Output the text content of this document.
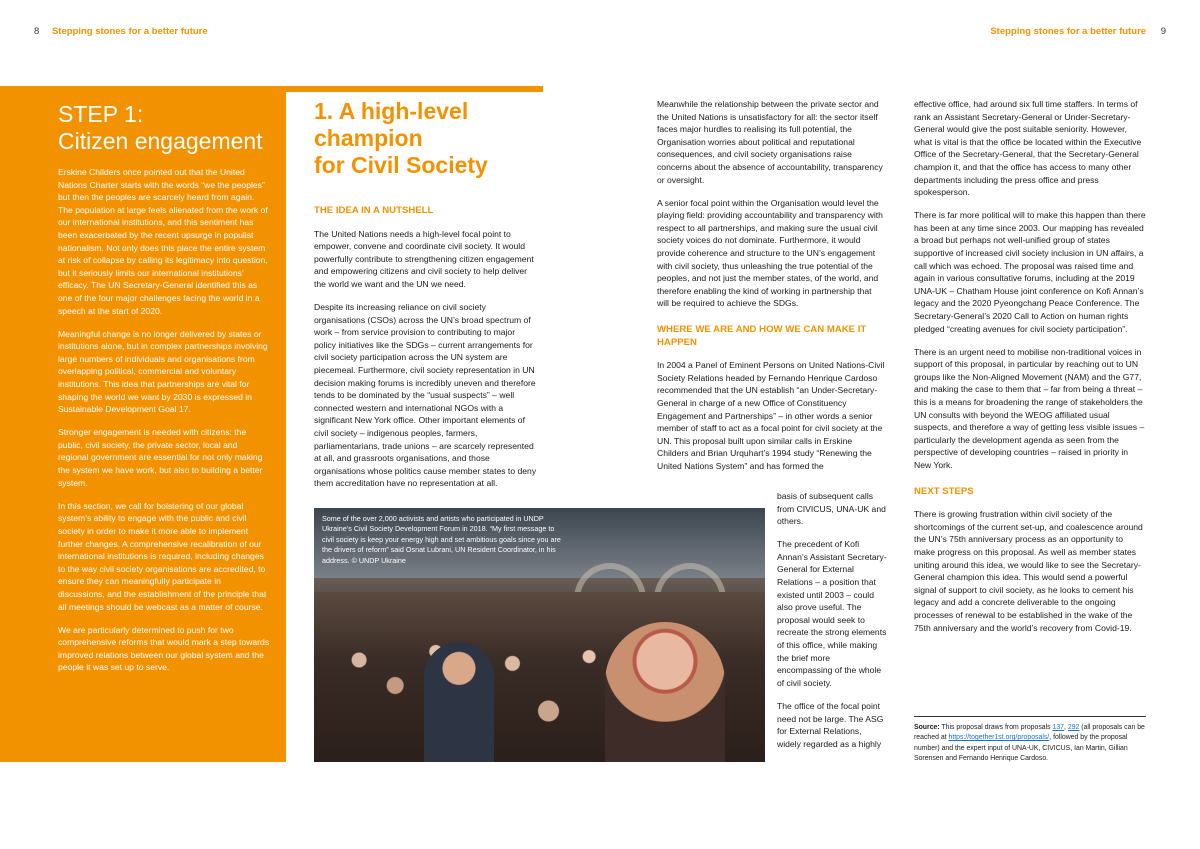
8 Stepping stones for a better future	Stepping stones for a better future 9
STEP 1:
Citizen engagement

Erskine Childers once pointed out that the United Nations Charter starts with the words “we the peoples” but then the peoples are scarcely heard from again. The population at large feels alienated from the work of our international institutions, and this sentiment has been exacerbated by the recent upsurge in populist nationalism. Not only does this place the entire system at risk of collapse by calling its legitimacy into question, but it seriously limits our international institutions’ efficacy. The UN Secretary-General identified this as one of the four major challenges facing the world in a speech at the start of 2020.

Meaningful change is no longer delivered by states or institutions alone, but in complex partnerships involving large numbers of individuals and organisations from overlapping political, commercial and voluntary institutions. This idea that partnerships are vital for shaping the world we want by 2030 is expressed in Sustainable Development Goal 17.

Stronger engagement is needed with citizens: the public, civil society, the private sector, local and regional government are essential for not only making the system we have work, but also to building a better system.

In this section, we call for bolstering of our global system’s ability to engage with the public and civil society in order to make it more able to implement further changes. A comprehensive recalibration of our international institutions is required, including changes to the way civil society organisations are accredited, to ensure they can meaningfully participate in discussions, and the establishment of the principle that all meetings should be webcast as a matter of course.

We are particularly determined to push for two comprehensive reforms that would mark a step towards improved relations between our global system and the people it was set up to serve.

1. A high-level champion
for Civil Society
THE IDEA IN A NUTSHELL

The United Nations needs a high-level focal point to empower, convene and coordinate civil society. It would powerfully contribute to strengthening citizen engagement and empowering citizens and civil society to help deliver the world we want and the UN we need.

Despite its increasing reliance on civil society organisations (CSOs) across the UN’s broad spectrum of work – from service provision to contributing to major policy initiatives like the SDGs – current arrangements for civil society participation across the UN system are piecemeal. Furthermore, civil society representation in UN decision making forums is incredibly uneven and therefore tends to be dominated by the “usual suspects” – well connected western and international NGOs with a significant New York office. Other important elements of civil society – indigenous peoples, farmers, parliamentarians, trade unions – are scarcely represented at all, and grassroots organisations, and those organisations whose politics cause member states to deny them accreditation have no representation at all.

Meanwhile the relationship between the private sector and the United Nations is unsatisfactory for all: the sector itself faces major hurdles to realising its full potential, the Organisation worries about political and reputational consequences, and civil society organisations raise concerns about the absence of accountability, transparency or oversight.

A senior focal point within the Organisation would level the playing field: providing accountability and transparency with respect to all partnerships, and making sure the usual civil society voices do not dominate. Furthermore, it would provide coherence and structure to the UN’s engagement with civil society, thus unleashing the true potential of the peoples, and not just the member states, of the world, and therefore enabling the kind of working in partnership that will be required to achieve the SDGs.

WHERE WE ARE AND HOW WE CAN MAKE IT HAPPEN

In 2004 a Panel of Eminent Persons on United Nations-Civil Society Relations headed by Fernando Henrique Cardoso recommended that the UN establish “an Under-Secretary-General in charge of a new Office of Constituency Engagement and Partnerships” – in other words a senior member of staff to act as a focal point for civil society at the UN. This proposal built upon similar calls in Erskine Childers and Brian Urquhart’s 1994 study “Renewing the United Nations System” and has formed the

basis of subsequent calls from CIVICUS, UNA-UK and others.

The precedent of Kofi Annan’s Assistant Secretary-General for External Relations – a position that existed until 2003 – could also prove useful. The proposal would seek to recreate the strong elements of this office, while making the brief more encompassing of the whole of civil society.

The office of the focal point need not be large. The ASG for External Relations, widely regarded as a highly

effective office, had around six full time staffers. In terms of rank an Assistant Secretary-General or Under-Secretary-General would give the post suitable seniority. However, what is vital is that the office be located within the Executive Office of the Secretary-General, that the Secretary-General champion it, and that the office has access to many other departments including the press office and press spokesperson.

There is far more political will to make this happen than there has been at any time since 2003. Our mapping has revealed a broad but perhaps not well-unified group of states supportive of increased civil society inclusion in UN affairs, a call which was echoed. The proposal was raised time and again in various consultative forums, including at the 2019 UNA-UK – Chatham House joint conference on Kofi Annan’s legacy and the 2020 Pyeongchang Peace Conference. The Secretary-General’s 2020 Call to Action on human rights pledged “creating avenues for civil society participation”.

There is an urgent need to mobilise non-traditional voices in support of this proposal, in particular by reaching out to UN groups like the Non-Aligned Movement (NAM) and the G77, and making the case to them that – far from being a threat – this is a means for broadening the range of stakeholders the UN consults with beyond the WEOG affiliated usual suspects, and therefore a way of getting less visible issues – particularly the development agenda as seen from the perspective of developing countries – raised in priority in New York.

NEXT STEPS

There is growing frustration within civil society of the shortcomings of the current set-up, and coalescence around the UN’s 75th anniversary process as an opportunity to make progress on this proposal. As well as member states uniting around this idea, we would like to see the Secretary-General champion this idea. This would send a powerful signal of support to civil society, as he looks to cement his legacy and add a concrete deliverable to the ongoing processes of renewal to be established in the wake of the 75th anniversary and the world’s recovery from Covid-19.

Some of the over 2,000 activists and artists who participated in UNDP Ukraine’s Civil Society Development Forum in 2018. “My first message to civil society is keep your energy high and set ambitious goals since you are the drivers of reform” said Osnat Lubrani, UN Resident Coordinator, in his address. © UNDP Ukraine
Source: This proposal draws from proposals 137, 292 (all proposals can be reached at https://together1st.org/proposals/, followed by the proposal number) and the expert input of UNA-UK, CIVICUS, Ian Martin, Gillian Sorensen and Fernando Henrique Cardoso.
